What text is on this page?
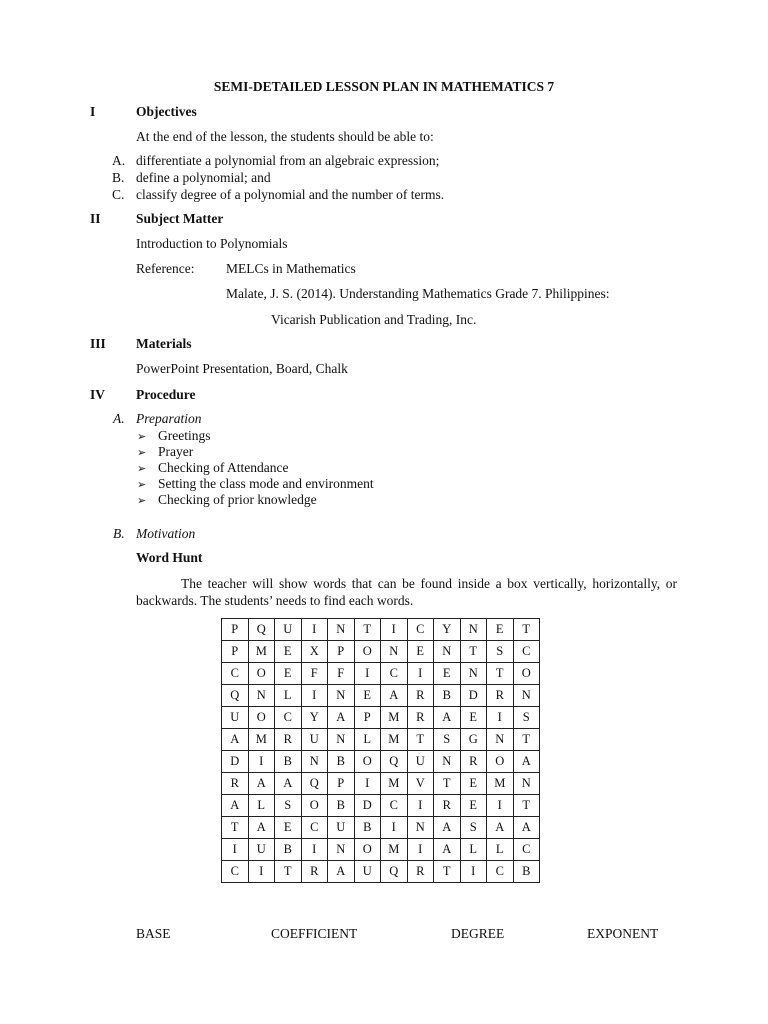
SEMI-DETAILED LESSON PLAN IN MATHEMATICS 7
I	Objectives
At the end of the lesson, the students should be able to:
A. differentiate a polynomial from an algebraic expression;
B. define a polynomial; and
C. classify degree of a polynomial and the number of terms.
II	Subject Matter
Introduction to Polynomials
Reference: MELCs in Mathematics
Malate, J. S. (2014). Understanding Mathematics Grade 7. Philippines:
Vicarish Publication and Trading, Inc.
III Materials
PowerPoint Presentation, Board, Chalk
IV Procedure
A. Preparation
➢ Greetings
➢ Prayer
➢ Checking of Attendance
➢ Setting the class mode and environment
➢ Checking of prior knowledge
B. Motivation
Word Hunt
The teacher will show words that can be found inside a box vertically, horizontally, or backwards. The students’ needs to find each words.
P	Q	U	I	N	T	I	C	Y	N	E	T
P	M	E	X	P	O	N	E	N	T	S	C
C	O	E	F	F	I	C	I	E	N	T	O
Q	N	L	I	N	E	A	R	B	D	R	N
U	O	C	Y	A	P	M	R	A	E	I	S
A	M	R	U	N	L	M	T	S	G	N	T
D	I	B	N	B	O	Q	U	N	R	O	A
R	A	A	Q	P	I	M	V	T	E	M	N
A	L	S	O	B	D	C	I	R	E	I	T
T	A	E	C	U	B	I	N	A	S	A	A
I	U	B	I	N	O	M	I	A	L	L	C
C	I	T	R	A	U	Q	R	T	I	C	B
BASE	COEFFICIENT	DEGREE	EXPONENT
